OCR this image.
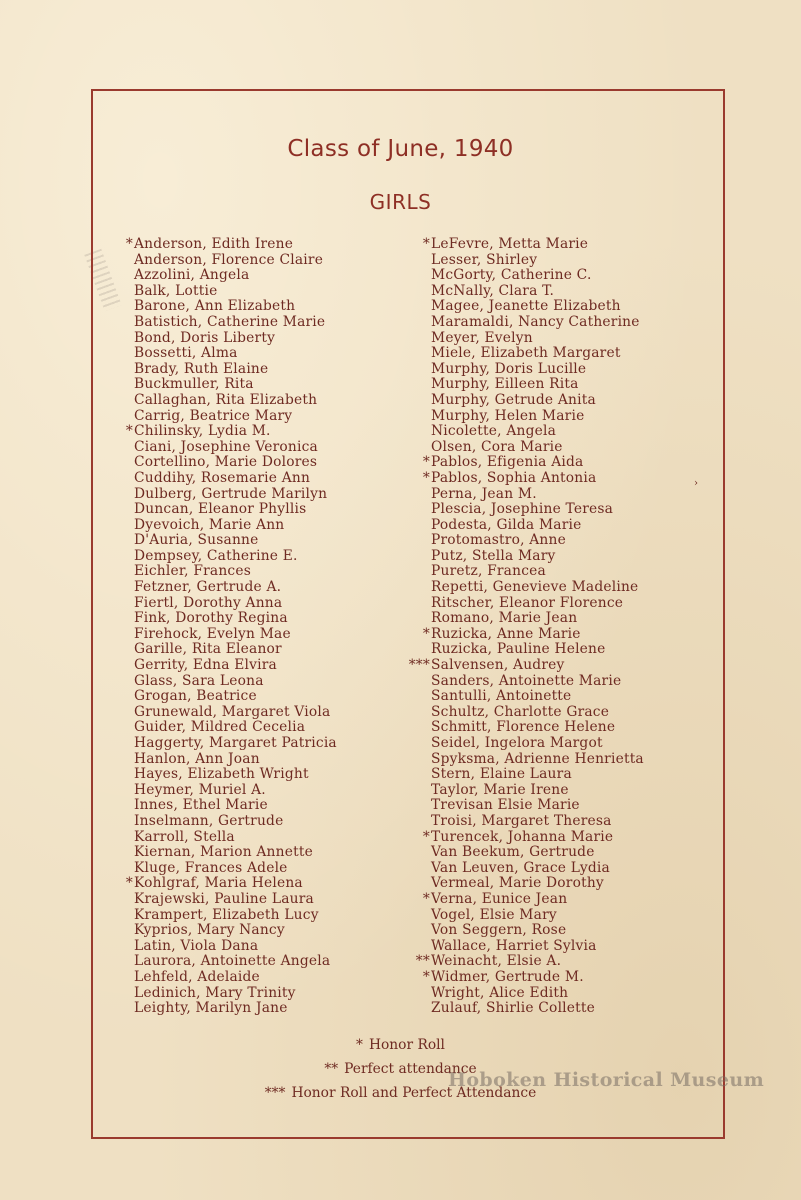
Class of June, 1940
GIRLS
* Anderson, Edith Irene
Anderson, Florence Claire
Azzolini, Angela
Balk, Lottie
Barone, Ann Elizabeth
Batistich, Catherine Marie
Bond, Doris Liberty
Bossetti, Alma
Brady, Ruth Elaine
Buckmuller, Rita
Callaghan, Rita Elizabeth
Carrig, Beatrice Mary
* Chilinsky, Lydia M.
Ciani, Josephine Veronica
Cortellino, Marie Dolores
Cuddihy, Rosemarie Ann
Dulberg, Gertrude Marilyn
Duncan, Eleanor Phyllis
Dyevoich, Marie Ann
D'Auria, Susanne
Dempsey, Catherine E.
Eichler, Frances
Fetzner, Gertrude A.
Fiertl, Dorothy Anna
Fink, Dorothy Regina
Firehock, Evelyn Mae
Garille, Rita Eleanor
Gerrity, Edna Elvira
Glass, Sara Leona
Grogan, Beatrice
Grunewald, Margaret Viola
Guider, Mildred Cecelia
Haggerty, Margaret Patricia
Hanlon, Ann Joan
Hayes, Elizabeth Wright
Heymer, Muriel A.
Innes, Ethel Marie
Inselmann, Gertrude
Karroll, Stella
Kiernan, Marion Annette
Kluge, Frances Adele
* Kohlgraf, Maria Helena
Krajewski, Pauline Laura
Krampert, Elizabeth Lucy
Kyprios, Mary Nancy
Latin, Viola Dana
Laurora, Antoinette Angela
Lehfeld, Adelaide
Ledinich, Mary Trinity
Leighty, Marilyn Jane
* LeFevre, Metta Marie
Lesser, Shirley
McGorty, Catherine C.
McNally, Clara T.
Magee, Jeanette Elizabeth
Maramaldi, Nancy Catherine
Meyer, Evelyn
Miele, Elizabeth Margaret
Murphy, Doris Lucille
Murphy, Eilleen Rita
Murphy, Getrude Anita
Murphy, Helen Marie
Nicolette, Angela
Olsen, Cora Marie
* Pablos, Efigenia Aida
* Pablos, Sophia Antonia
Perna, Jean M.
Plescia, Josephine Teresa
Podesta, Gilda Marie
Protomastro, Anne
Putz, Stella Mary
Puretz, Francea
Repetti, Genevieve Madeline
Ritscher, Eleanor Florence
Romano, Marie Jean
* Ruzicka, Anne Marie
Ruzicka, Pauline Helene
*** Salvensen, Audrey
Sanders, Antoinette Marie
Santulli, Antoinette
Schultz, Charlotte Grace
Schmitt, Florence Helene
Seidel, Ingelora Margot
Spyksma, Adrienne Henrietta
Stern, Elaine Laura
Taylor, Marie Irene
Trevisan Elsie Marie
Troisi, Margaret Theresa
* Turencek, Johanna Marie
Van Beekum, Gertrude
Van Leuven, Grace Lydia
Vermeal, Marie Dorothy
* Verna, Eunice Jean
Vogel, Elsie Mary
Von Seggern, Rose
Wallace, Harriet Sylvia
** Weinacht, Elsie A.
* Widmer, Gertrude M.
Wright, Alice Edith
Zulauf, Shirlie Collette
›
* Honor Roll
** Perfect attendance
*** Honor Roll and Perfect Attendance
Hoboken Historical Museum
